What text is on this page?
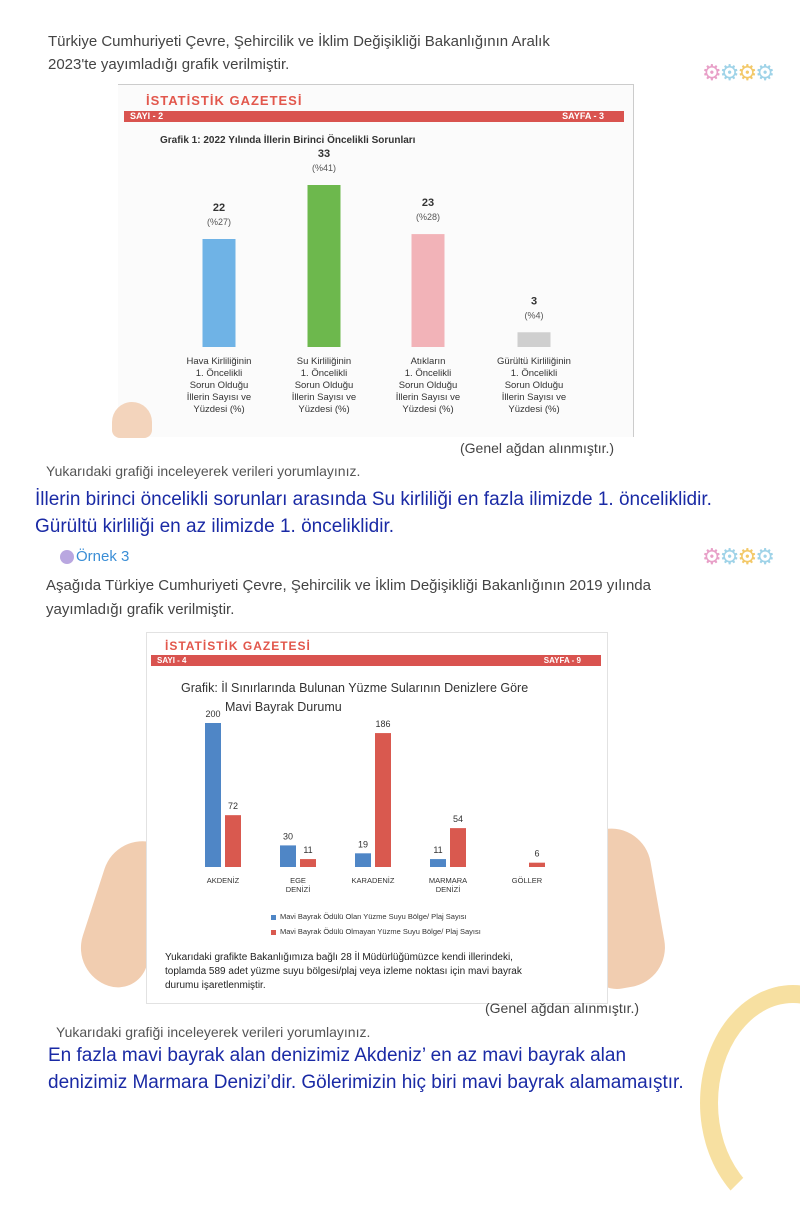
Türkiye Cumhuriyeti Çevre, Şehircilik ve İklim Değişikliği Bakanlığının Aralık
2023'te yayımladığı grafik verilmiştir.	⚙⚙⚙⚙
İSTATİSTİK GAZETESİ
SAYI - 2	SAYFA - 3
Grafik 1: 2022 Yılında İllerin Birinci Öncelikli Sorunları
22
(%27)
Hava Kirliliğinin
1. Öncelikli
Sorun Olduğu
İllerin Sayısı ve
Yüzdesi (%)
33
(%41)
Su Kirliliğinin
1. Öncelikli
Sorun Olduğu
İllerin Sayısı ve
Yüzdesi (%)
23
(%28)
Atıkların
1. Öncelikli
Sorun Olduğu
İllerin Sayısı ve
Yüzdesi (%)
3
(%4)
Gürültü Kirliliğinin
1. Öncelikli
Sorun Olduğu
İllerin Sayısı ve
Yüzdesi (%)
(Genel ağdan alınmıştır.)
Yukarıdaki grafiği inceleyerek verileri yorumlayınız.
İllerin birinci öncelikli sorunları arasında Su kirliliği en fazla ilimizde 1. önceliklidir.
Gürültü kirliliği en az ilimizde 1. önceliklidir.
Örnek 3	⚙⚙⚙⚙
Aşağıda Türkiye Cumhuriyeti Çevre, Şehircilik ve İklim Değişikliği Bakanlığının 2019 yılında
yayımladığı grafik verilmiştir.
İSTATİSTİK GAZETESİ
SAYI - 4	SAYFA - 9
Grafik: İl Sınırlarında Bulunan Yüzme Sularının Denizlere Göre
Mavi Bayrak Durumu
200
30
19
11
72
11
186
54
6
AKDENİZ	EGE
DENİZİ
KARADENİZ	MARMARA
DENİZİ
GÖLLER
Mavi Bayrak Ödülü Olan Yüzme Suyu Bölge/ Plaj Sayısı
Mavi Bayrak Ödülü Olmayan Yüzme Suyu Bölge/ Plaj Sayısı
Yukarıdaki grafikte Bakanlığımıza bağlı 28 İl Müdürlüğümüzce kendi illerindeki,
toplamda 589 adet yüzme suyu bölgesi/plaj veya izleme noktası için mavi bayrak
durumu işaretlenmiştir.
(Genel ağdan alınmıştır.)
Yukarıdaki grafiği inceleyerek verileri yorumlayınız.
En fazla mavi bayrak alan denizimiz Akdeniz’ en az mavi bayrak alan
denizimiz Marmara Denizi’dir. Gölerimizin hiç biri mavi bayrak alamamaıştır.
